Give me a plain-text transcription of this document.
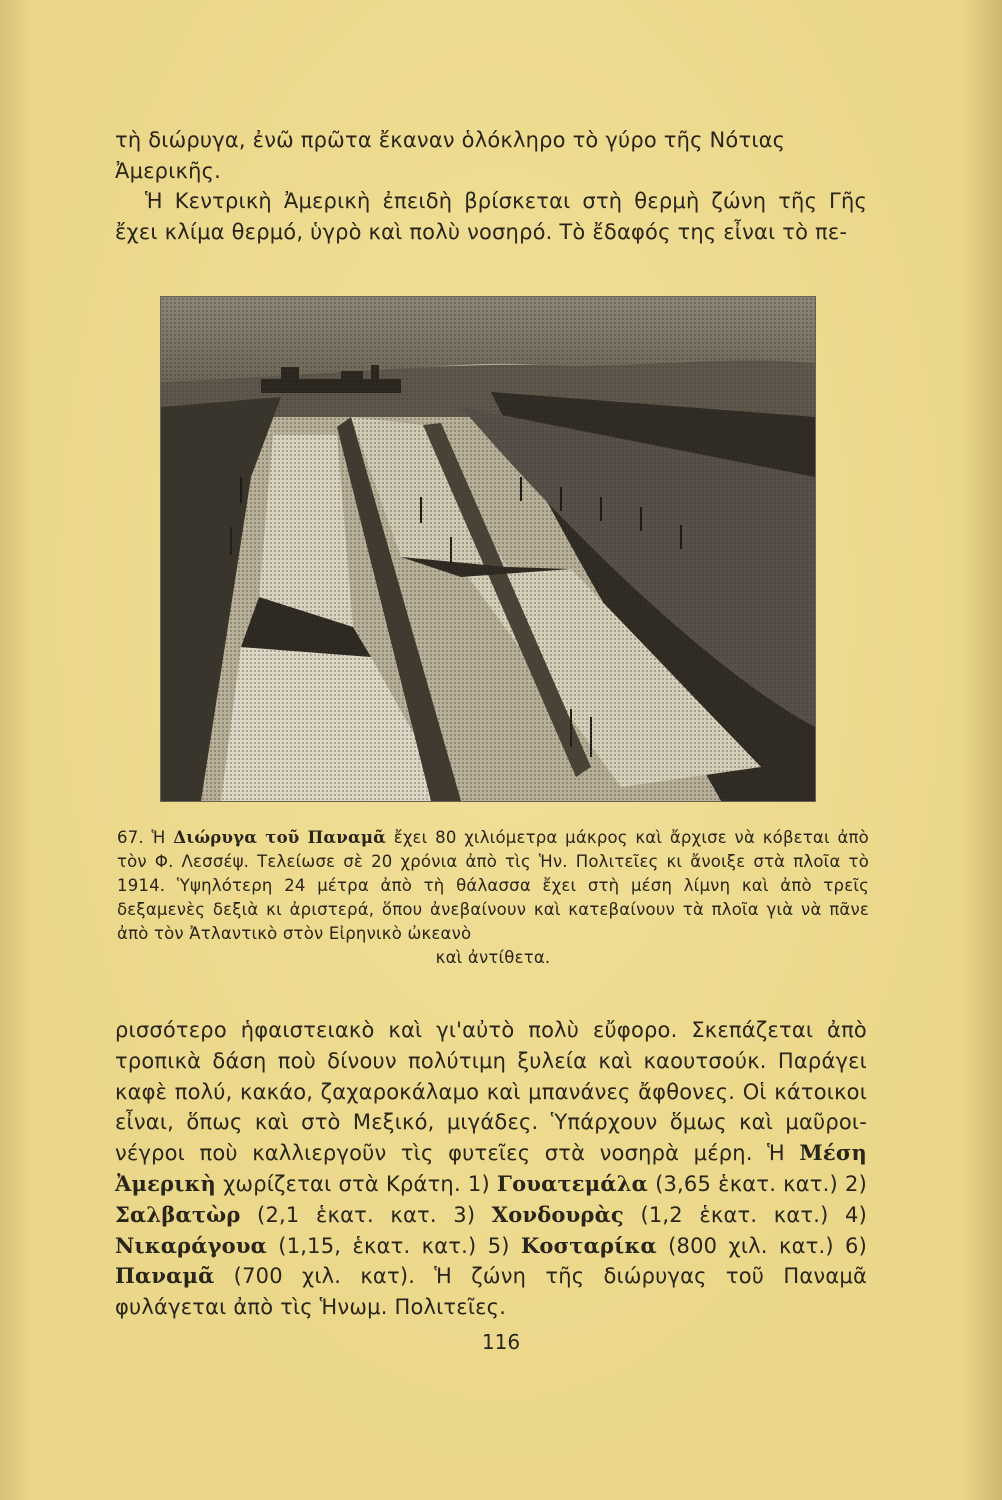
τὴ διώρυγα, ἐνῶ πρῶτα ἔκαναν ὁλόκληρο τὸ γύρο τῆς Νότιας
Ἀμερικῆς.
Ἡ Κεντρικὴ Ἀμερικὴ ἐπειδὴ βρίσκεται στὴ θερμὴ ζώνη τῆς Γῆς ἔχει κλίμα θερμό, ὑγρὸ καὶ πολὺ νοσηρό. Τὸ ἔδαφός της εἶναι τὸ πε-
67. Ἡ Διώρυγα τοῦ Παναμᾶ ἔχει 80 χιλιόμετρα μάκρος καὶ ἄρχισε νὰ κόβεται ἀπὸ τὸν Φ. Λεσσέψ. Τελείωσε σὲ 20 χρόνια ἀπὸ τὶς Ἡν. Πολιτεῖες κι ἄνοιξε στὰ πλοῖα τὸ 1914. Ὑψηλότερη 24 μέτρα ἀπὸ τὴ θάλασσα ἔχει στὴ μέση λίμνη καὶ ἀπὸ τρεῖς δεξαμενὲς δεξιὰ κι ἀριστερά, ὅπου ἀνεβαίνουν καὶ κατεβαίνουν τὰ πλοῖα γιὰ νὰ πᾶνε ἀπὸ τὸν Ἀτλαντικὸ στὸν Εἰρηνικὸ ὠκεανὸ
καὶ ἀντίθετα.
ρισσότερο ἡφαιστειακὸ καὶ γι'αὐτὸ πολὺ εὔφορο. Σκεπάζεται ἀπὸ τροπικὰ δάση ποὺ δίνουν πολύτιμη ξυλεία καὶ καουτσούκ. Παράγει καφὲ πολύ, κακάο, ζαχαροκάλαμο καὶ μπανάνες ἄφθονες. Οἱ κάτοικοι εἶναι, ὅπως καὶ στὸ Μεξικό, μιγάδες. Ὑπάρχουν ὅμως καὶ μαῦροι-νέγροι ποὺ καλλιεργοῦν τὶς φυτεῖες στὰ νοσηρὰ μέρη. Ἡ Μέση Ἀμερικὴ χωρίζεται στὰ Κράτη. 1) Γουατεμάλα (3,65 ἑκατ. κατ.) 2) Σαλβατὼρ (2,1 ἑκατ. κατ. 3) Χονδουρὰς (1,2 ἑκατ. κατ.) 4) Νικαράγουα (1,15, ἑκατ. κατ.) 5) Κοσταρίκα (800 χιλ. κατ.) 6) Παναμᾶ (700 χιλ. κατ). Ἡ ζώνη τῆς διώρυγας τοῦ Παναμᾶ φυλάγεται ἀπὸ τὶς Ἡνωμ. Πολιτεῖες.
116
